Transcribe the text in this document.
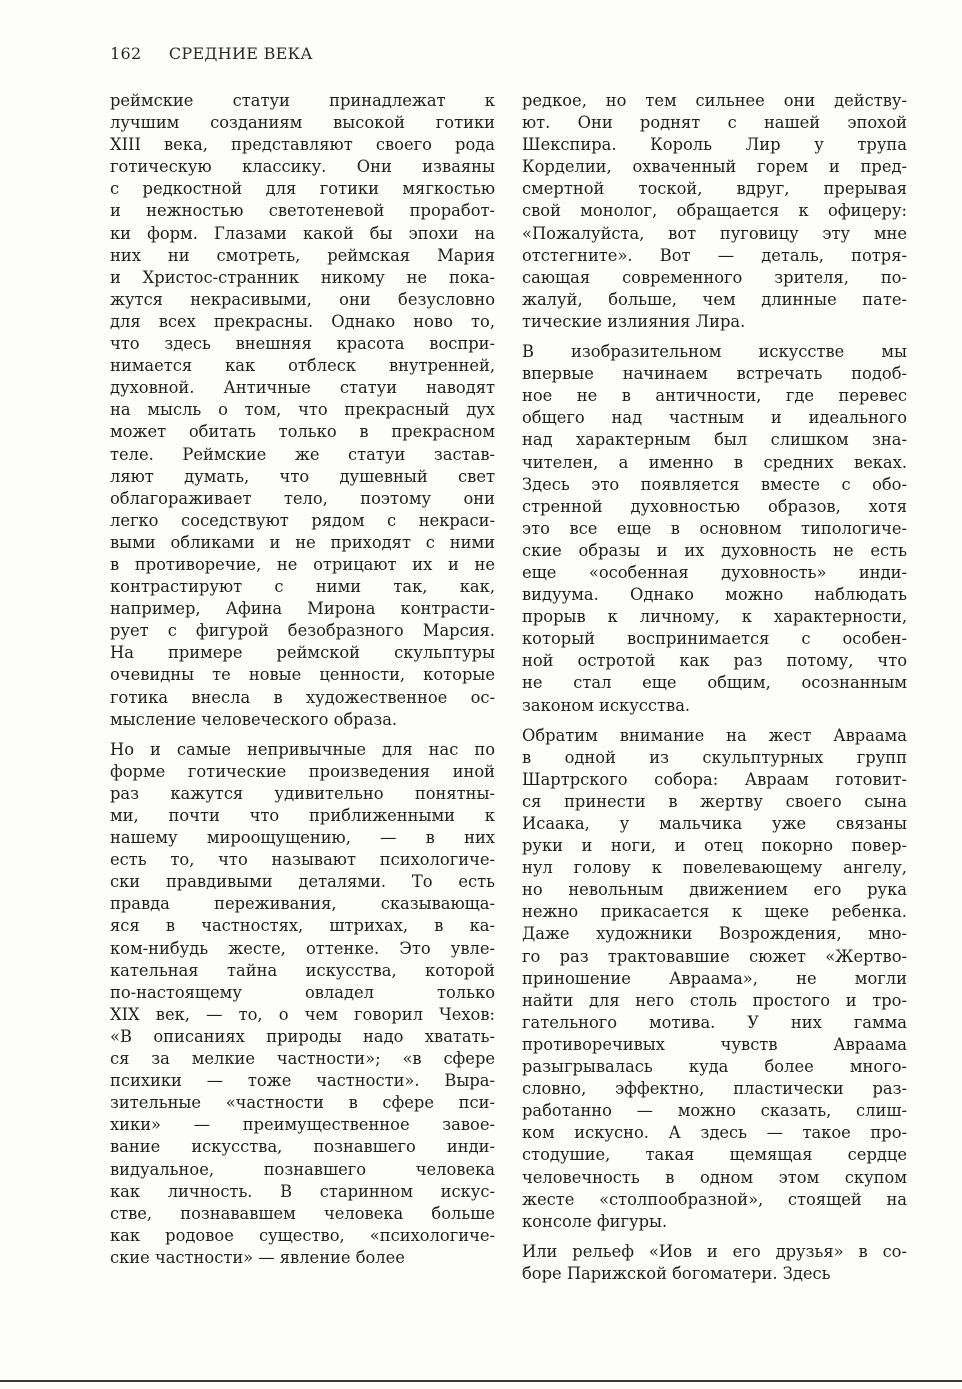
162 СРЕДНИЕ ВЕКА
реймские статуи принадлежат к
лучшим созданиям высокой готики
XIII века, представляют своего рода
готическую классику. Они изваяны
с редкостной для готики мягкостью
и нежностью светотеневой проработ-
ки форм. Глазами какой бы эпохи на
них ни смотреть, реймская Мария
и Христос-странник никому не пока-
жутся некрасивыми, они безусловно
для всех прекрасны. Однако ново то,
что здесь внешняя красота воспри-
нимается как отблеск внутренней,
духовной. Античные статуи наводят
на мысль о том, что прекрасный дух
может обитать только в прекрасном
теле. Реймские же статуи застав-
ляют думать, что душевный свет
облагораживает тело, поэтому они
легко соседствуют рядом с некраси-
выми обликами и не приходят с ними
в противоречие, не отрицают их и не
контрастируют с ними так, как,
например, Афина Мирона контрасти-
рует с фигурой безобразного Марсия.
На примере реймской скульптуры
очевидны те новые ценности, которые
готика внесла в художественное ос-
мысление человеческого образа.
Но и самые непривычные для нас по
форме готические произведения иной
раз кажутся удивительно понятны-
ми, почти что приближенными к
нашему мироощущению, — в них
есть то, что называют психологиче-
ски правдивыми деталями. То есть
правда переживания, сказывающа-
яся в частностях, штрихах, в ка-
ком-нибудь жесте, оттенке. Это увле-
кательная тайна искусства, которой
по-настоящему овладел только
XIX век, — то, о чем говорил Чехов:
«В описаниях природы надо хватать-
ся за мелкие частности»; «в сфере
психики — тоже частности». Выра-
зительные «частности в сфере пси-
хики» — преимущественное завое-
вание искусства, познавшего инди-
видуальное, познавшего человека
как личность. В старинном искус-
стве, познававшем человека больше
как родовое существо, «психологиче-
ские частности» — явление более
редкое, но тем сильнее они действу-
ют. Они роднят с нашей эпохой
Шекспира. Король Лир у трупа
Корделии, охваченный горем и пред-
смертной тоской, вдруг, прерывая
свой монолог, обращается к офицеру:
«Пожалуйста, вот пуговицу эту мне
отстегните». Вот — деталь, потря-
сающая современного зрителя, по-
жалуй, больше, чем длинные пате-
тические излияния Лира.
В изобразительном искусстве мы
впервые начинаем встречать подоб-
ное не в античности, где перевес
общего над частным и идеального
над характерным был слишком зна-
чителен, а именно в средних веках.
Здесь это появляется вместе с обо-
стренной духовностью образов, хотя
это все еще в основном типологиче-
ские образы и их духовность не есть
еще «особенная духовность» инди-
видуума. Однако можно наблюдать
прорыв к личному, к характерности,
который воспринимается с особен-
ной остротой как раз потому, что
не стал еще общим, осознанным
законом искусства.
Обратим внимание на жест Авраама
в одной из скульптурных групп
Шартрского собора: Авраам готовит-
ся принести в жертву своего сына
Исаака, у мальчика уже связаны
руки и ноги, и отец покорно повер-
нул голову к повелевающему ангелу,
но невольным движением его рука
нежно прикасается к щеке ребенка.
Даже художники Возрождения, мно-
го раз трактовавшие сюжет «Жертво-
приношение Авраама», не могли
найти для него столь простого и тро-
гательного мотива. У них гамма
противоречивых чувств Авраама
разыгрывалась куда более много-
словно, эффектно, пластически раз-
работанно — можно сказать, слиш-
ком искусно. А здесь — такое про-
стодушие, такая щемящая сердце
человечность в одном этом скупом
жесте «столпообразной», стоящей на
консоле фигуры.
Или рельеф «Иов и его друзья» в со-
боре Парижской богоматери. Здесь
